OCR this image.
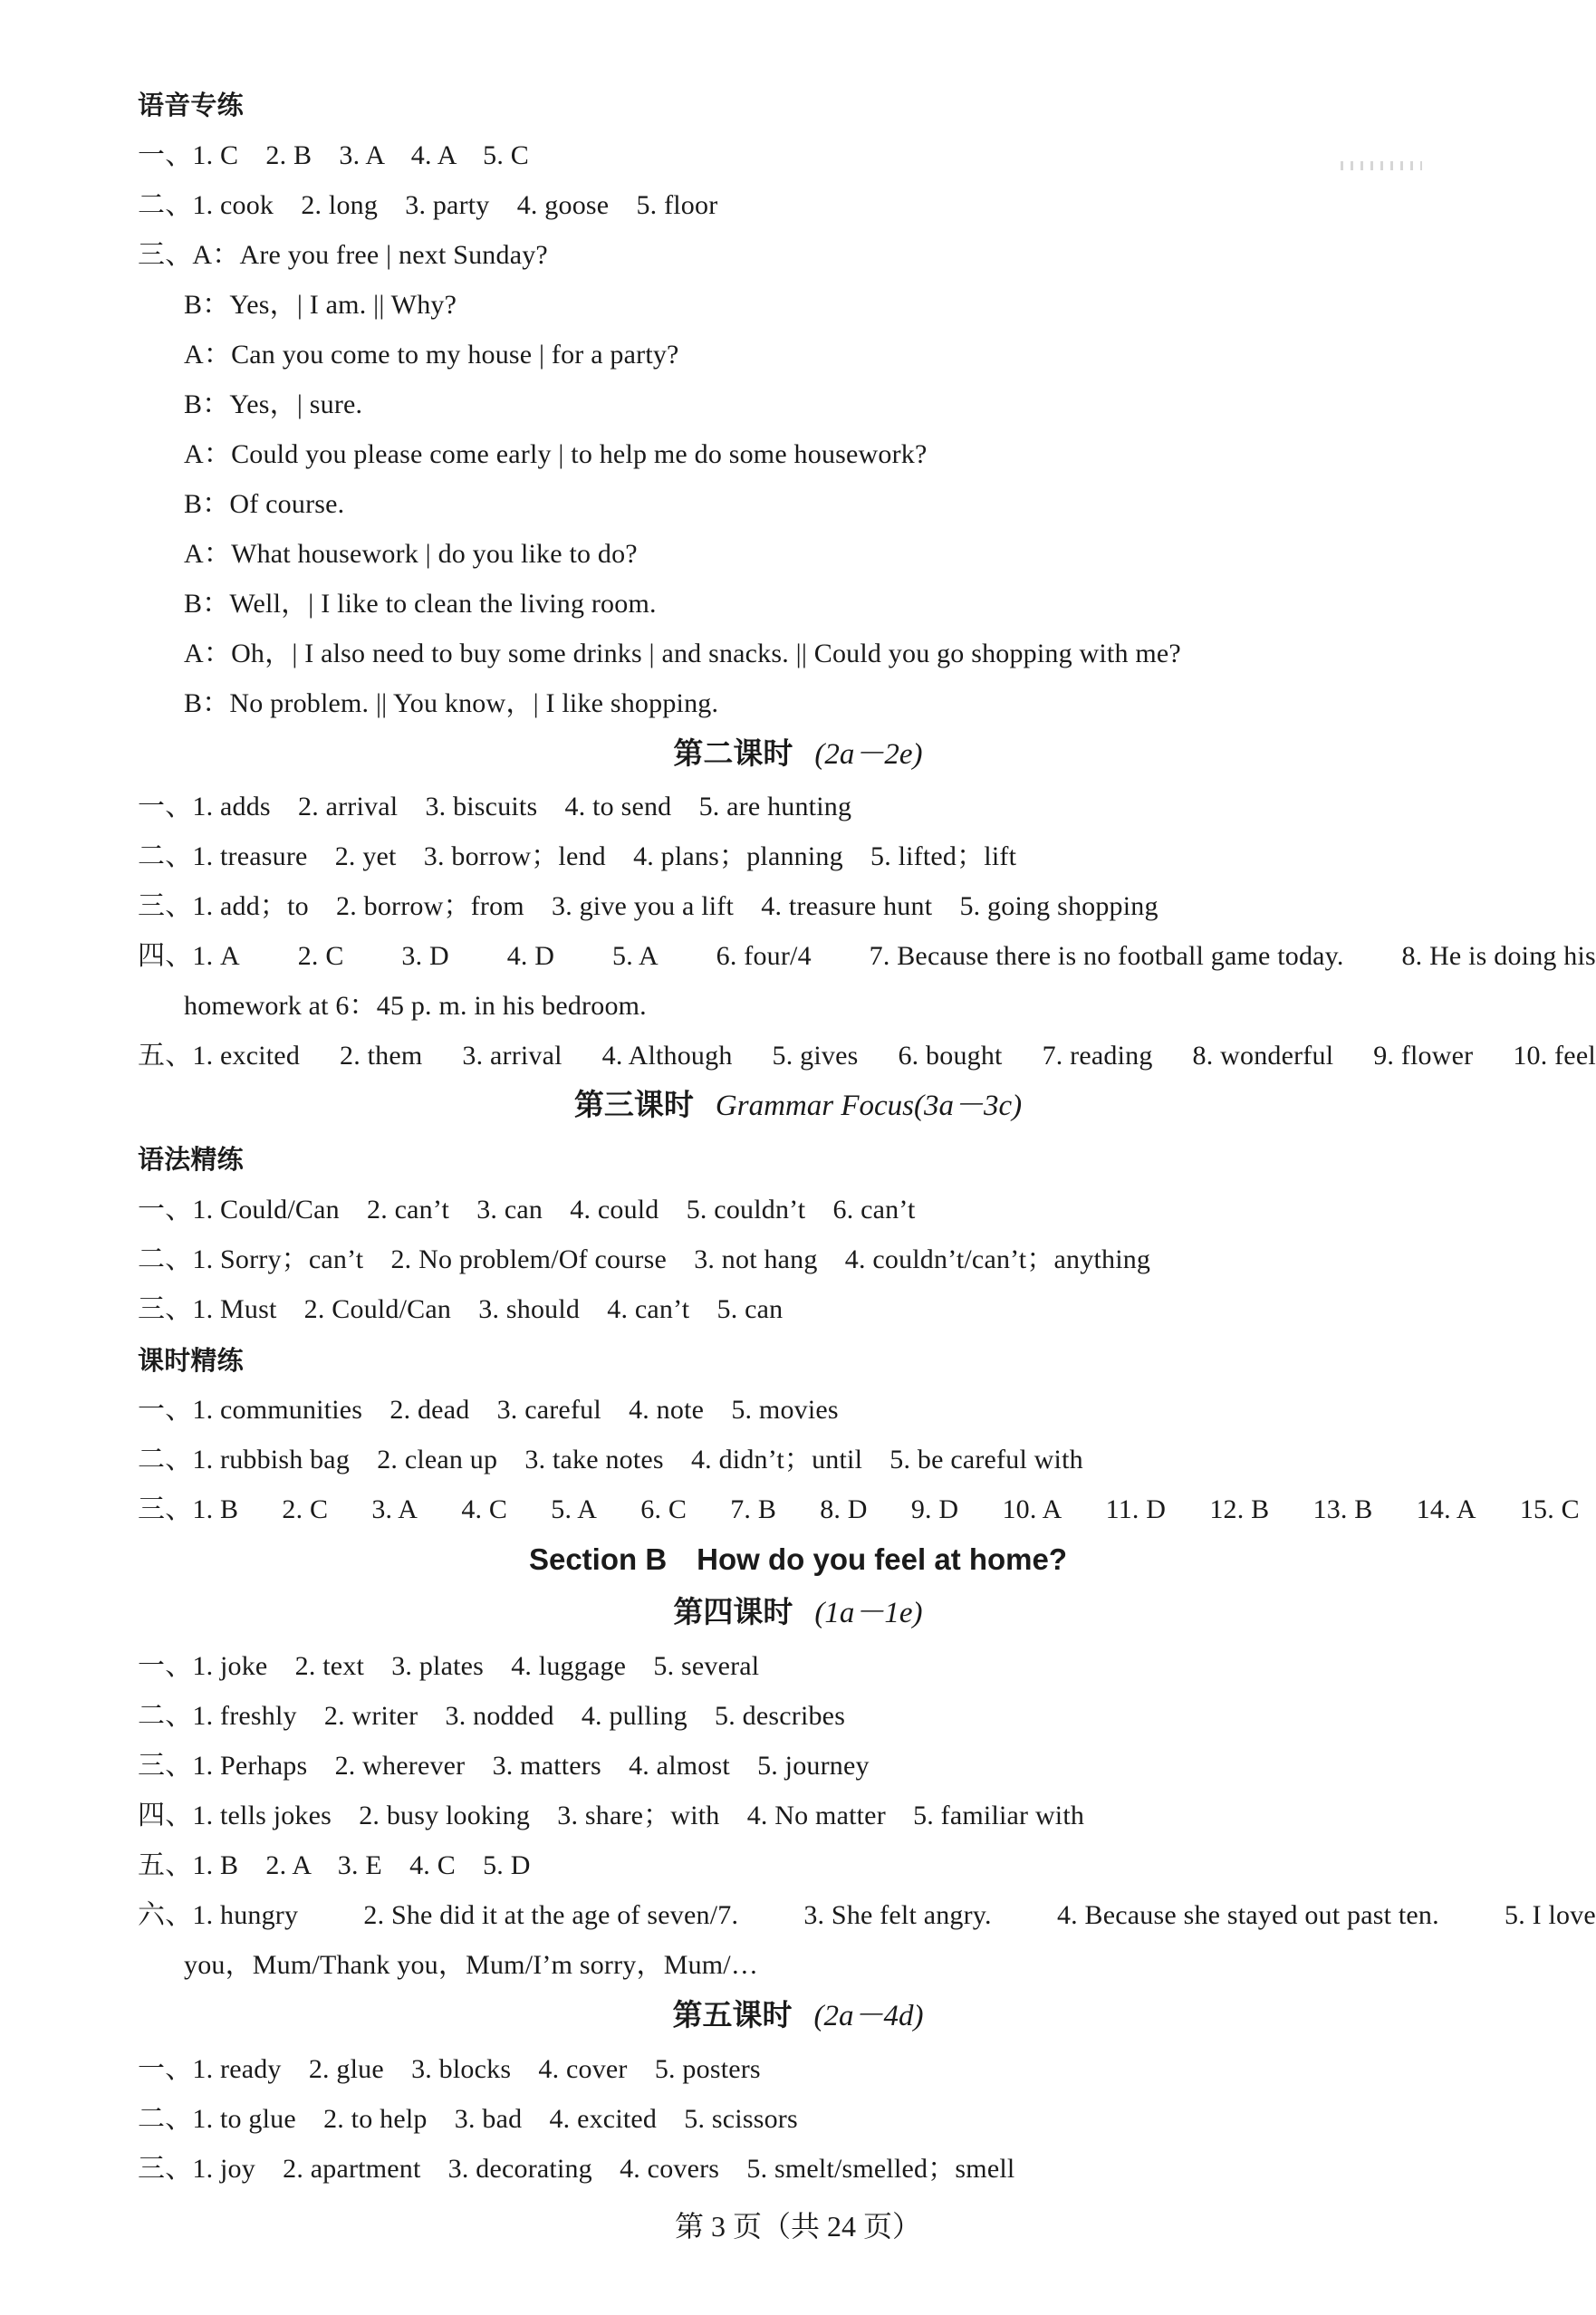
语音专练
一、1. C　2. B　3. A　4. A　5. C
二、1. cook　2. long　3. party　4. goose　5. floor
三、A：Are you free | next Sunday?
B：Yes，| I am. || Why?
A：Can you come to my house | for a party?
B：Yes，| sure.
A：Could you please come early | to help me do some housework?
B：Of course.
A：What housework | do you like to do?
B：Well，| I like to clean the living room.
A：Oh，| I also need to buy some drinks | and snacks. || Could you go shopping with me?
B：No problem. || You know，| I like shopping.
第二课时 (2a－2e)
一、1. adds　2. arrival　3. biscuits　4. to send　5. are hunting
二、1. treasure　2. yet　3. borrow；lend　4. plans；planning　5. lifted；lift
三、1. add；to　2. borrow；from　3. give you a lift　4. treasure hunt　5. going shopping
四、1. A 2. C 3. D 4. D 5. A 6. four/4 7. Because there is no football game today. 8. He is doing his
homework at 6：45 p. m. in his bedroom.
五、1. excited 2. them 3. arrival 4. Although 5. gives 6. bought 7. reading 8. wonderful 9. flower 10. feel
第三课时 Grammar Focus(3a－3c)
语法精练
一、1. Could/Can　2. can’t　3. can　4. could　5. couldn’t　6. can’t
二、1. Sorry；can’t　2. No problem/Of course　3. not hang　4. couldn’t/can’t；anything
三、1. Must　2. Could/Can　3. should　4. can’t　5. can
课时精练
一、1. communities　2. dead　3. careful　4. note　5. movies
二、1. rubbish bag　2. clean up　3. take notes　4. didn’t；until　5. be careful with
三、1. B 2. C 3. A 4. C 5. A 6. C 7. B 8. D 9. D 10. A 11. D 12. B 13. B 14. A 15. C
Section B　How do you feel at home?
第四课时 (1a－1e)
一、1. joke　2. text　3. plates　4. luggage　5. several
二、1. freshly　2. writer　3. nodded　4. pulling　5. describes
三、1. Perhaps　2. wherever　3. matters　4. almost　5. journey
四、1. tells jokes　2. busy looking　3. share；with　4. No matter　5. familiar with
五、1. B　2. A　3. E　4. C　5. D
六、1. hungry 2. She did it at the age of seven/7. 3. She felt angry. 4. Because she stayed out past ten. 5. I love
you，Mum/Thank you，Mum/I’m sorry，Mum/…
第五课时 (2a－4d)
一、1. ready　2. glue　3. blocks　4. cover　5. posters
二、1. to glue　2. to help　3. bad　4. excited　5. scissors
三、1. joy　2. apartment　3. decorating　4. covers　5. smelt/smelled；smell
第 3 页（共 24 页）
